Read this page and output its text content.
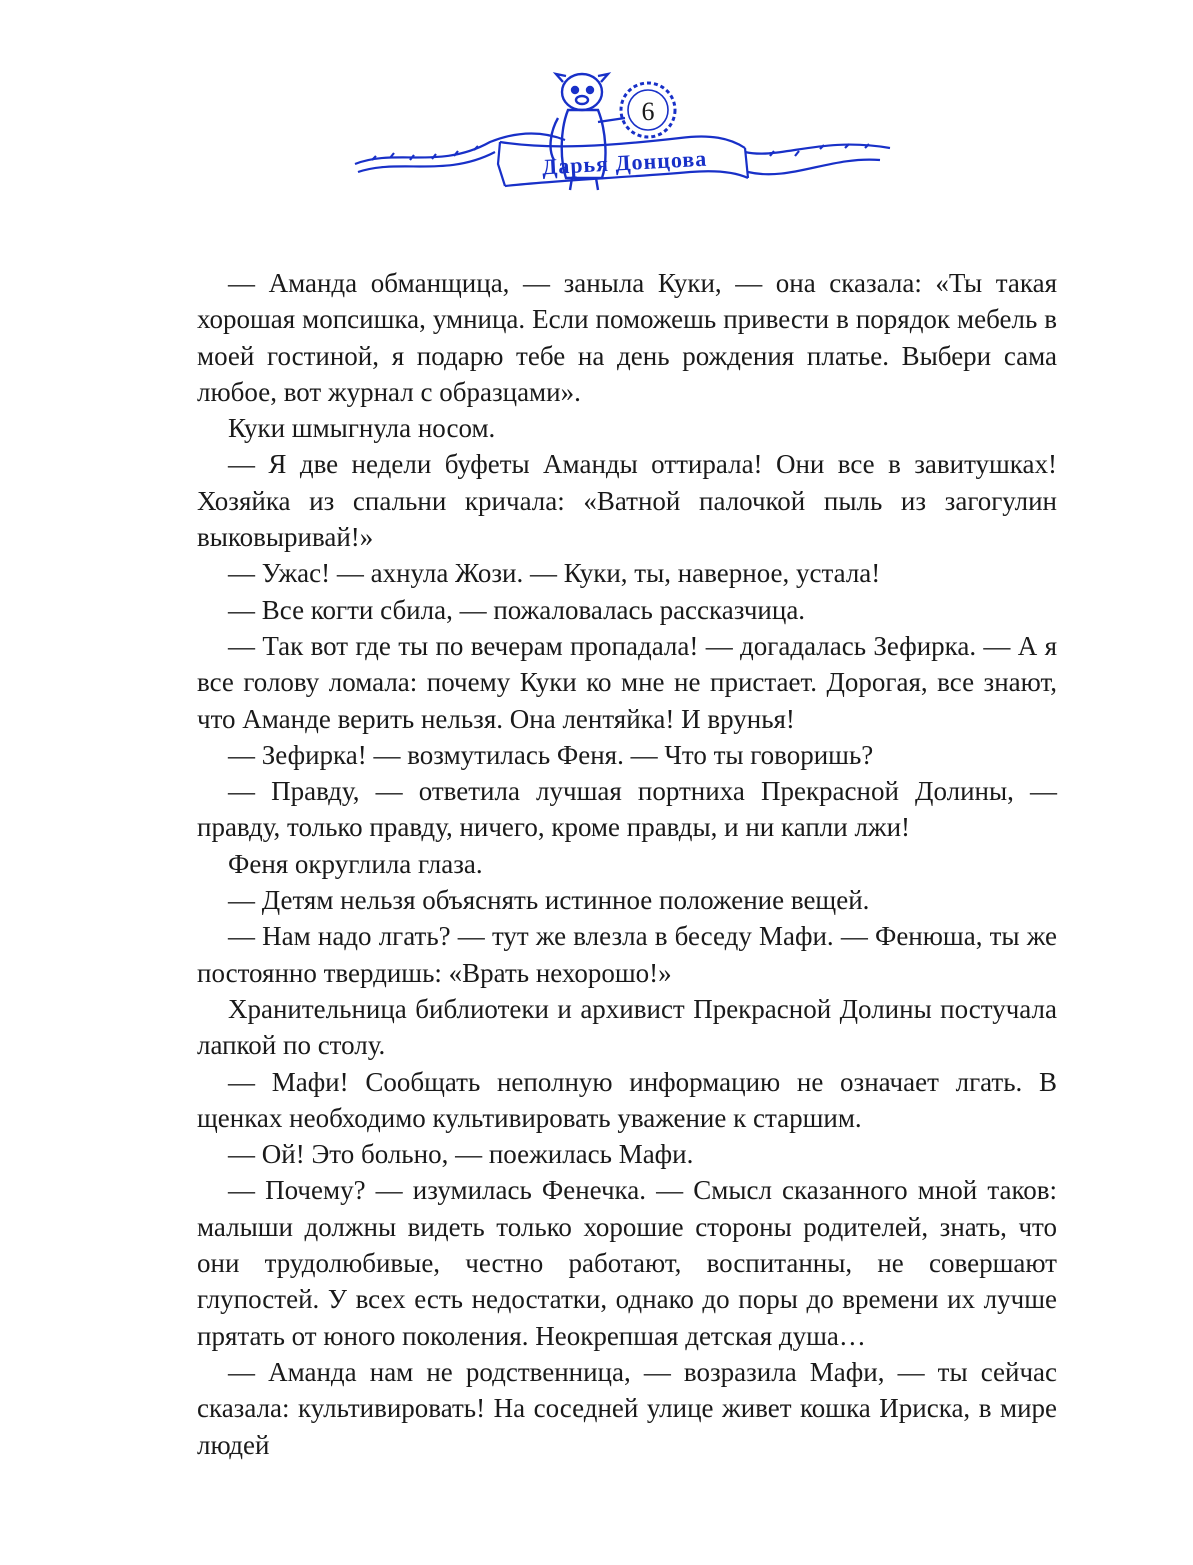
6
Дарья Донцова

— Аманда обманщица, — заныла Куки, — она сказала: «Ты такая хорошая мопсишка, умница. Если поможешь привести в порядок мебель в моей гостиной, я подарю тебе на день рождения платье. Выбери сама любое, вот журнал с образцами».

Куки шмыгнула носом.

— Я две недели буфеты Аманды оттирала! Они все в завитушках! Хозяйка из спальни кричала: «Ватной палочкой пыль из загогулин выковыривай!»

— Ужас! — ахнула Жози. — Куки, ты, наверное, устала!

— Все когти сбила, — пожаловалась рассказчица.

— Так вот где ты по вечерам пропадала! — догадалась Зефирка. — А я все голову ломала: почему Куки ко мне не пристает. Дорогая, все знают, что Аманде верить нельзя. Она лентяйка! И врунья!

— Зефирка! — возмутилась Феня. — Что ты говоришь?

— Правду, — ответила лучшая портниха Прекрасной Долины, — правду, только правду, ничего, кроме правды, и ни капли лжи!

Феня округлила глаза.

— Детям нельзя объяснять истинное положение вещей.

— Нам надо лгать? — тут же влезла в беседу Мафи. — Фенюша, ты же постоянно твердишь: «Врать нехорошо!»

Хранительница библиотеки и архивист Прекрасной Долины постучала лапкой по столу.

— Мафи! Сообщать неполную информацию не означает лгать. В щенках необходимо культивировать уважение к старшим.

— Ой! Это больно, — поежилась Мафи.

— Почему? — изумилась Фенечка. — Смысл сказанного мной таков: малыши должны видеть только хорошие стороны родителей, знать, что они трудолюбивые, честно работают, воспитанны, не совершают глупостей. У всех есть недостатки, однако до поры до времени их лучше прятать от юного поколения. Неокрепшая детская душа…

— Аманда нам не родственница, — возразила Мафи, — ты сейчас сказала: культивировать! На соседней улице живет кошка Ириска, в мире людей
